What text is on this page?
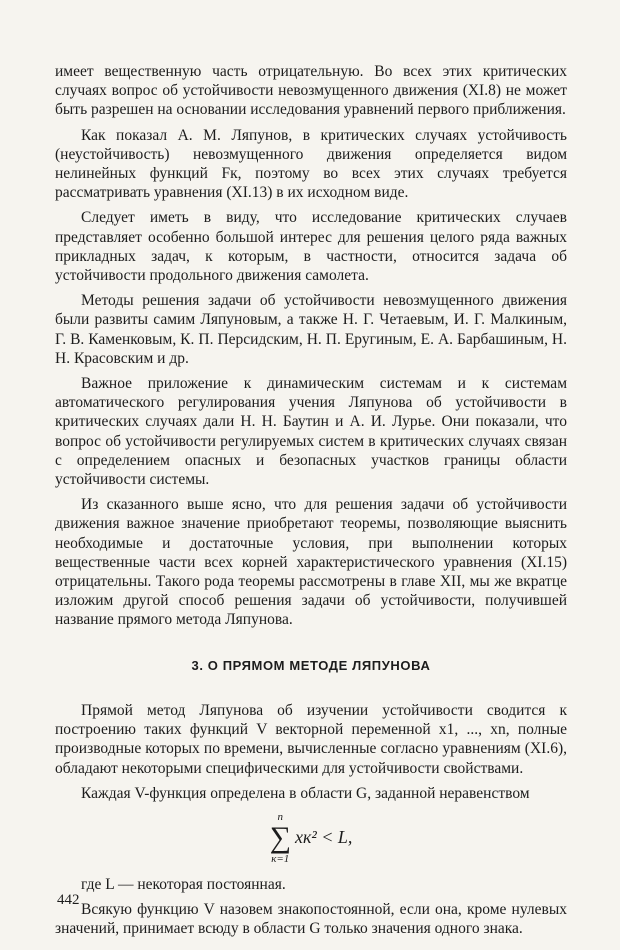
имеет вещественную часть отрицательную. Во всех этих критических случаях вопрос об устойчивости невозмущенного движения (XI.8) не может быть разрешен на основании исследования уравнений первого приближения.

Как показал А. М. Ляпунов, в критических случаях устойчивость (неустойчивость) невозмущенного движения определяется видом нелинейных функций Fк, поэтому во всех этих случаях требуется рассматривать уравнения (XI.13) в их исходном виде.

Следует иметь в виду, что исследование критических случаев представляет особенно большой интерес для решения целого ряда важных прикладных задач, к которым, в частности, относится задача об устойчивости продольного движения самолета.

Методы решения задачи об устойчивости невозмущенного движения были развиты самим Ляпуновым, а также Н. Г. Четаевым, И. Г. Малкиным, Г. В. Каменковым, К. П. Персидским, Н. П. Еругиным, Е. А. Барбашиным, Н. Н. Красовским и др.

Важное приложение к динамическим системам и к системам автоматического регулирования учения Ляпунова об устойчивости в критических случаях дали Н. Н. Баутин и А. И. Лурье. Они показали, что вопрос об устойчивости регулируемых систем в критических случаях связан с определением опасных и безопасных участков границы области устойчивости системы.

Из сказанного выше ясно, что для решения задачи об устойчивости движения важное значение приобретают теоремы, позволяющие выяснить необходимые и достаточные условия, при выполнении которых вещественные части всех корней характеристического уравнения (XI.15) отрицательны. Такого рода теоремы рассмотрены в главе XII, мы же вкратце изложим другой способ решения задачи об устойчивости, получившей название прямого метода Ляпунова.

3. О ПРЯМОМ МЕТОДЕ ЛЯПУНОВА

Прямой метод Ляпунова об изучении устойчивости сводится к построению таких функций V векторной переменной x1, ..., xn, полные производные которых по времени, вычисленные согласно уравнениям (XI.6), обладают некоторыми специфическими для устойчивости свойствами.

Каждая V-функция определена в области G, заданной неравенством

n
∑
к=1
xк² < L,

где L — некоторая постоянная.

Всякую функцию V назовем знакопостоянной, если она, кроме нулевых значений, принимает всюду в области G только значения одного знака.

442
